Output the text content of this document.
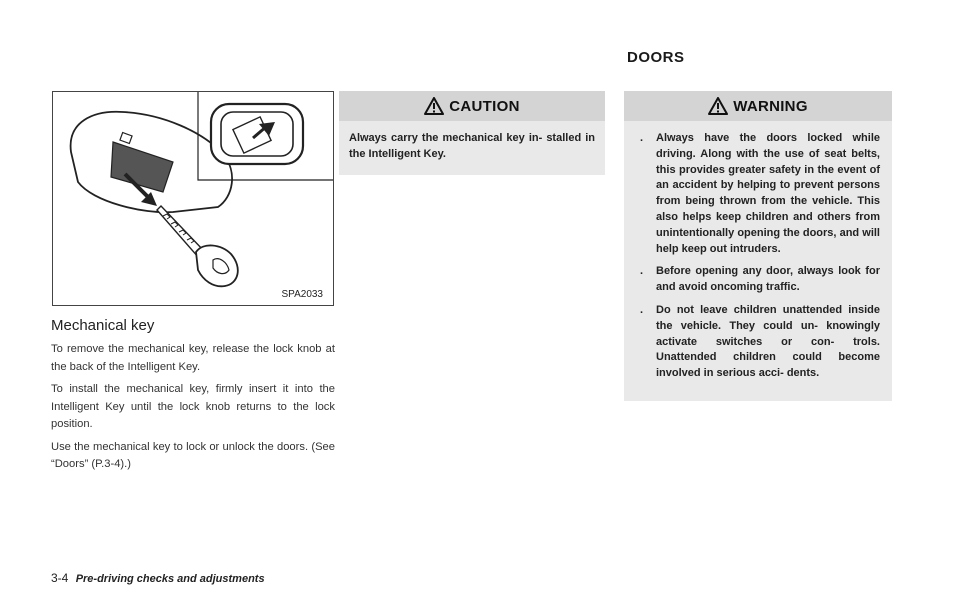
DOORS
SPA2033
Mechanical key

To remove the mechanical key, release the lock knob at the back of the Intelligent Key.

To install the mechanical key, firmly insert it into the Intelligent Key until the lock knob returns to the lock position.

Use the mechanical key to lock or unlock the doors. (See “Doors” (P.3-4).)

CAUTION
Always carry the mechanical key in- stalled in the Intelligent Key.
WARNING
. Always have the doors locked while driving. Along with the use of seat belts, this provides greater safety in the event of an accident by helping to prevent persons from being thrown from the vehicle. This also helps keep children and others from unintentionally opening the doors, and will help keep out intruders.
. Before opening any door, always look for and avoid oncoming traffic.
. Do not leave children unattended inside the vehicle. They could un- knowingly activate switches or con- trols. Unattended children could become involved in serious acci- dents.
3-4 Pre-driving checks and adjustments
